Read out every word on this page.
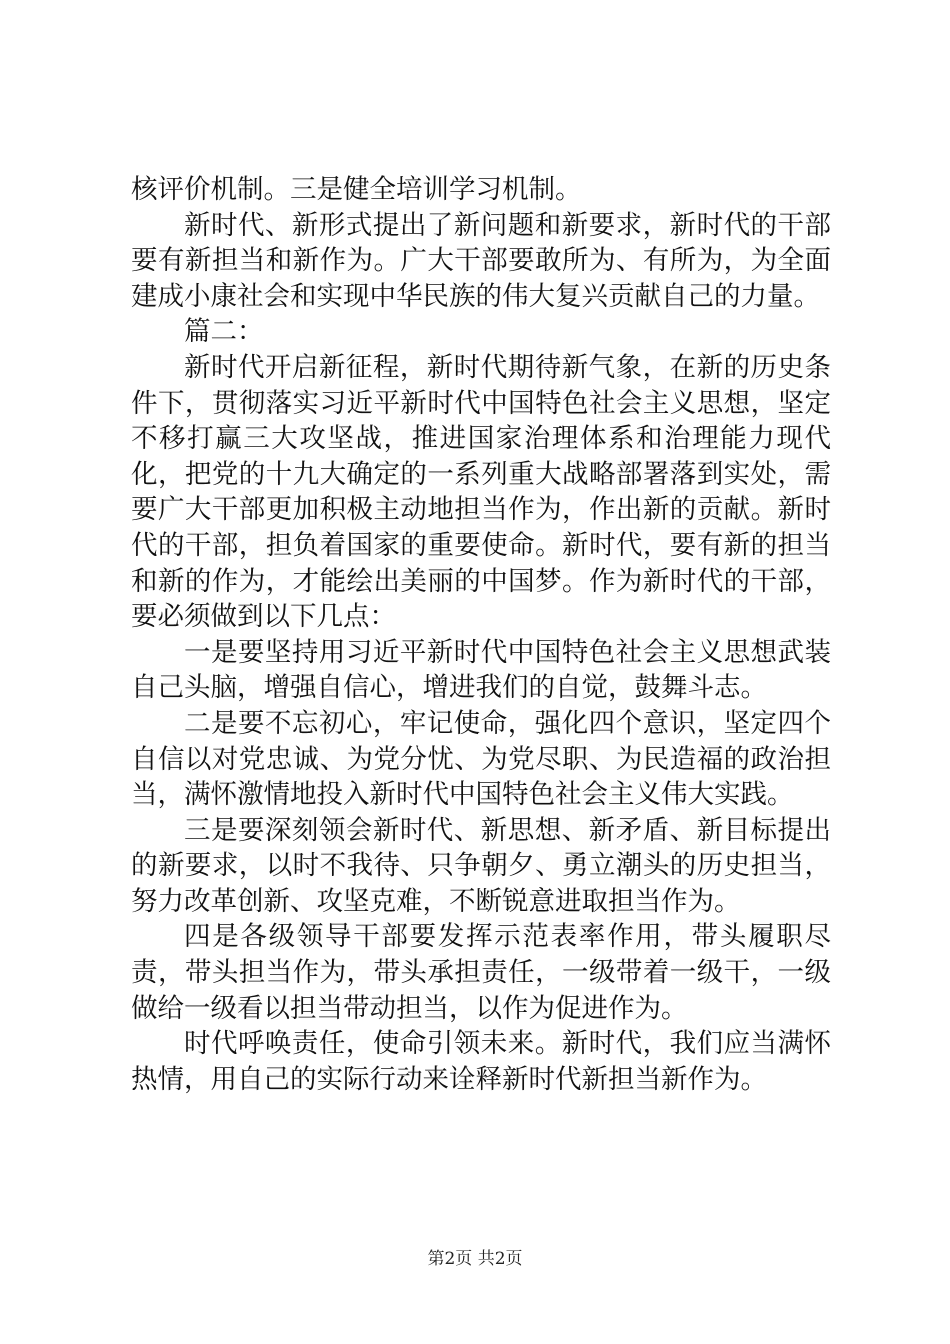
核评价机制。三是健全培训学习机制。

新时代、新形式提出了新问题和新要求，新时代的干部要有新担当和新作为。广大干部要敢所为、有所为，为全面建成小康社会和实现中华民族的伟大复兴贡献自己的力量。

篇二：

新时代开启新征程，新时代期待新气象，在新的历史条件下，贯彻落实习近平新时代中国特色社会主义思想，坚定不移打赢三大攻坚战，推进国家治理体系和治理能力现代化，把党的十九大确定的一系列重大战略部署落到实处，需要广大干部更加积极主动地担当作为，作出新的贡献。新时代的干部，担负着国家的重要使命。新时代，要有新的担当和新的作为，才能绘出美丽的中国梦。作为新时代的干部，要必须做到以下几点：

一是要坚持用习近平新时代中国特色社会主义思想武装自己头脑，增强自信心，增进我们的自觉，鼓舞斗志。

二是要不忘初心，牢记使命，强化四个意识，坚定四个自信以对党忠诚、为党分忧、为党尽职、为民造福的政治担当，满怀激情地投入新时代中国特色社会主义伟大实践。

三是要深刻领会新时代、新思想、新矛盾、新目标提出的新要求，以时不我待、只争朝夕、勇立潮头的历史担当，努力改革创新、攻坚克难，不断锐意进取担当作为。

四是各级领导干部要发挥示范表率作用，带头履职尽责，带头担当作为，带头承担责任，一级带着一级干，一级做给一级看以担当带动担当，以作为促进作为。

时代呼唤责任，使命引领未来。新时代，我们应当满怀热情，用自己的实际行动来诠释新时代新担当新作为。

第2页 共2页
